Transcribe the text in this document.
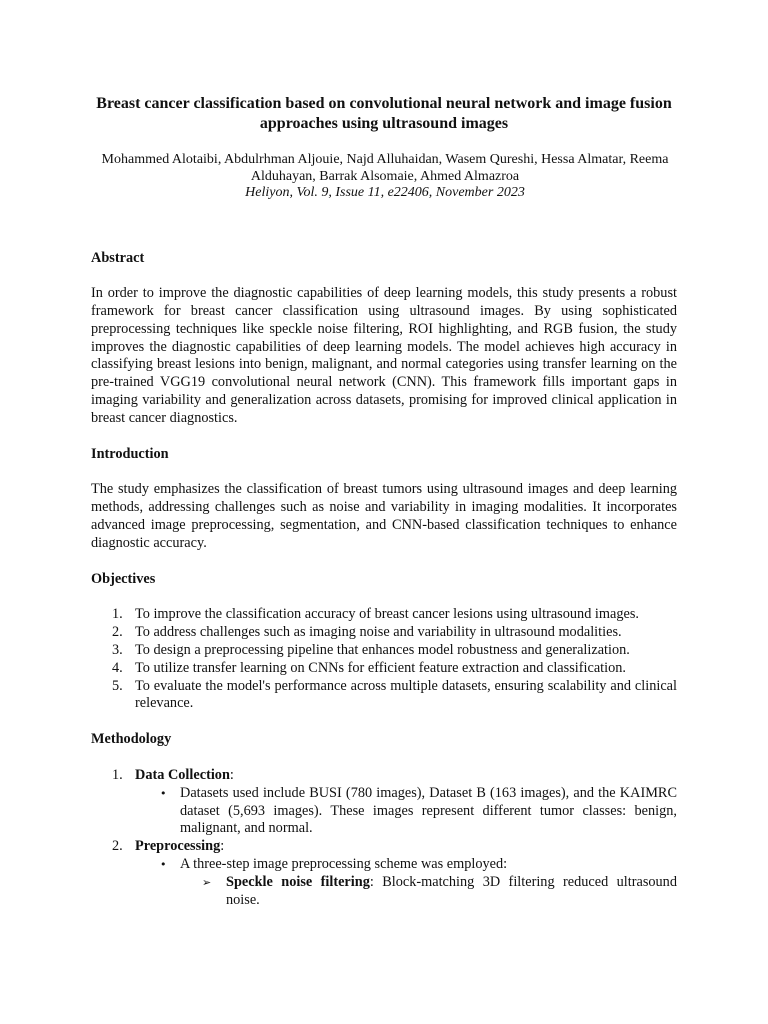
Breast cancer classification based on convolutional neural network and image fusion approaches using ultrasound images
Mohammed Alotaibi, Abdulrhman Aljouie, Najd Alluhaidan, Wasem Qureshi, Hessa Almatar, Reema Alduhayan, Barrak Alsomaie, Ahmed Almazroa
Heliyon, Vol. 9, Issue 11, e22406, November 2023
Abstract

In order to improve the diagnostic capabilities of deep learning models, this study presents a robust framework for breast cancer classification using ultrasound images. By using sophisticated preprocessing techniques like speckle noise filtering, ROI highlighting, and RGB fusion, the study improves the diagnostic capabilities of deep learning models. The model achieves high accuracy in classifying breast lesions into benign, malignant, and normal categories using transfer learning on the pre-trained VGG19 convolutional neural network (CNN). This framework fills important gaps in imaging variability and generalization across datasets, promising for improved clinical application in breast cancer diagnostics.

Introduction

The study emphasizes the classification of breast tumors using ultrasound images and deep learning methods, addressing challenges such as noise and variability in imaging modalities. It incorporates advanced image preprocessing, segmentation, and CNN-based classification techniques to enhance diagnostic accuracy.

Objectives
1. To improve the classification accuracy of breast cancer lesions using ultrasound images.
2. To address challenges such as imaging noise and variability in ultrasound modalities.
3. To design a preprocessing pipeline that enhances model robustness and generalization.
4. To utilize transfer learning on CNNs for efficient feature extraction and classification.
5. To evaluate the model's performance across multiple datasets, ensuring scalability and clinical relevance.
Methodology
1. Data Collection:
• Datasets used include BUSI (780 images), Dataset B (163 images), and the KAIMRC dataset (5,693 images). These images represent different tumor classes: benign, malignant, and normal.
2. Preprocessing:
• A three-step image preprocessing scheme was employed:
➢ Speckle noise filtering: Block-matching 3D filtering reduced ultrasound noise.
